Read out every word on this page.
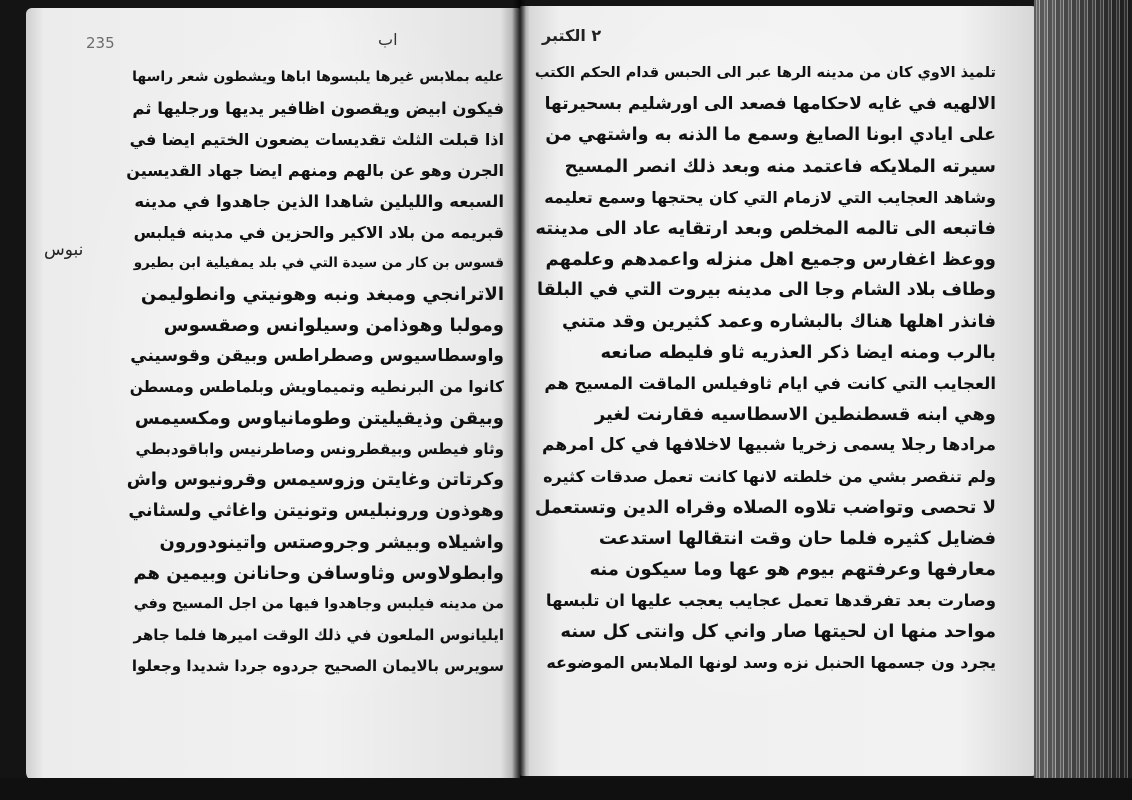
235	اب
نبوس
عليه بملابس غيرها يلبسوها اباها ويشطون شعر راسها
فيكون ابيض ويقصون اظافير يديها ورجليها ثم
اذا قبلت الثلث تقديسات يضعون الختيم ايضا في
الجرن وهو عن بالهم ومنهم ايضا جهاد القديسين
السبعه والليلين شاهدا الذين جاهدوا في مدينه
قبريمه من بلاد الاكير والحزين في مدينه فيلبس
قسوس بن كار من سيدة التي في بلد يمفيلية ابن بطيرو
الاترانجي ومبغد ونبه وهونيتي وانطوليمن
ومولبا وهوذامن وسيلوانس وصقسوس
واوسطاسيوس وصطراطس وبيقن وقوسيني
كانوا من البرنطيه وتميماويش وبلماطس ومسطن
وبيقن وذيقيليتن وطومانياوس ومكسيمس
وثاو فيطس وبيقطرونس وصاطرنيس واباقودبطي
وكرتاتن وغايتن وزوسيمس وقرونيوس واش
وهوذون ورونبليس وتونيتن واغاثي ولسثاني
واشيلاه وبيشر وجروصتس واتينودورون
وابطولاوس وثاوسافن وحانانن وبيمين هم
من مدينه فيلبس وجاهدوا فيها من اجل المسيح وفي
ايليانوس الملعون في ذلك الوقت اميرها فلما جاهر
سويرس بالايمان الصحيح جردوه جردا شديدا وجعلوا
٢ الكتبر
تلميذ الاوي كان من مدينه الرها عبر الى الحبس قدام الحكم الكتب
الالهيه في غايه لاحكامها فصعد الى اورشليم بسحيرتها
على ايادي ابونا الصايغ وسمع ما الذنه به واشتهي من
سيرته الملايكه فاعتمد منه وبعد ذلك انصر المسيح
وشاهد العجايب التي لازمام التي كان يحتجها وسمع تعليمه
فاتبعه الى تالمه المخلص وبعد ارتقايه عاد الى مدينته
ووعظ اغفارس وجميع اهل منزله واعمدهم وعلمهم
وطاف بلاد الشام وجا الى مدينه بيروت التي في البلقا
فانذر اهلها هناك بالبشاره وعمد كثيرين وقد متني
بالرب ومنه ايضا ذكر العذريه ثاو فليطه صانعه
العجايب التي كانت في ايام ثاوفيلس الماقت المسيح هم
وهي ابنه قسطنطين الاسطاسيه فقارنت لغير
مرادها رجلا يسمى زخريا شبيها لاخلافها في كل امرهم
ولم تنقصر بشي من خلطته لانها كانت تعمل صدقات كثيره
لا تحصى وتواضب تلاوه الصلاه وقراه الدين وتستعمل
فضايل كثيره فلما حان وقت انتقالها استدعت
معارفها وعرفتهم بيوم هو عها وما سيكون منه
وصارت بعد تفرقدها تعمل عجايب يعجب عليها ان تلبسها
مواحد منها ان لحيتها صار واني كل وانتى كل سنه
يجرد ون جسمها الحنبل نزه وسد لونها الملابس الموضوعه
